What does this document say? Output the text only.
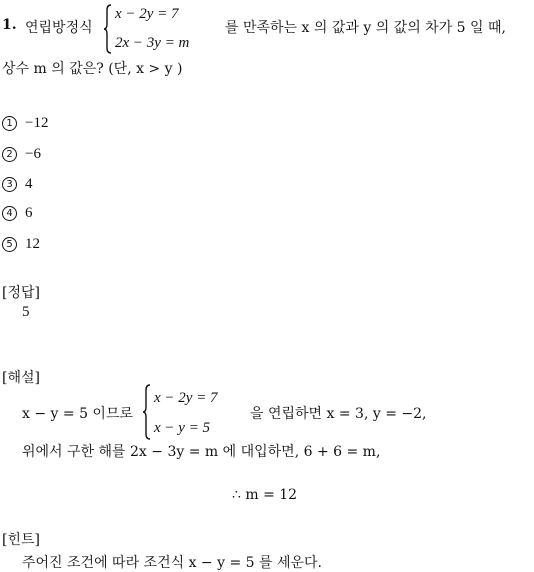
1. 연립방정식
x − 2y = 7
2x − 3y = m
를 만족하는 x 의 값과 y 의 값의 차가 5 일 때,
상수 m 의 값은? (단, x > y )
1 −12
2 −6
3 4
4 6
5 12
[정답]
5
[해설]
x − y = 5 이므로
x − 2y = 7
x − y = 5
을 연립하면 x = 3, y = −2,
위에서 구한 해를 2x − 3y = m 에 대입하면, 6 + 6 = m,
∴ m = 12
[힌트]
주어진 조건에 따라 조건식 x − y = 5 를 세운다.
